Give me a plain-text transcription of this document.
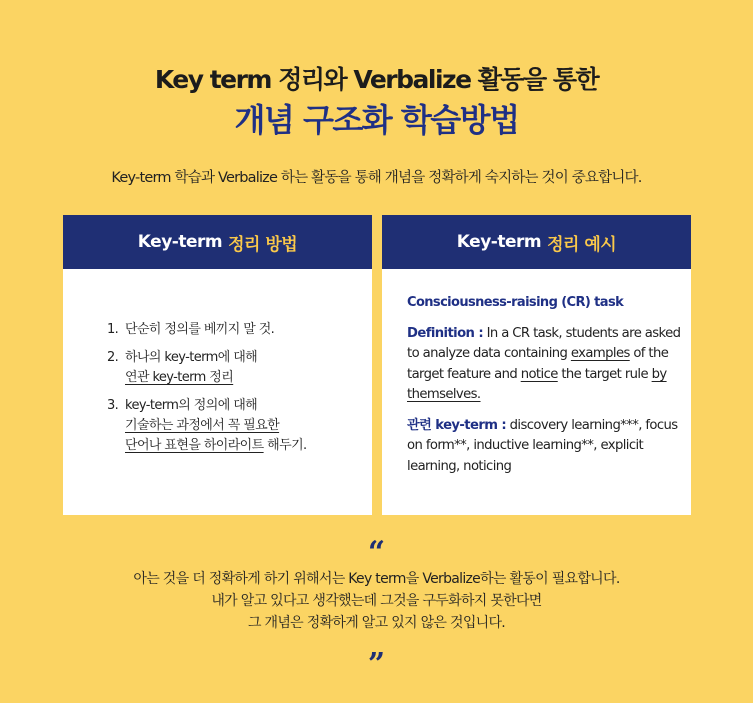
Key term 정리와 Verbalize 활동을 통한
개념 구조화 학습방법
Key-term 학습과 Verbalize 하는 활동을 통해 개념을 정확하게 숙지하는 것이 중요합니다.
Key-term 정리 방법
1. 단순히 정의를 베끼지 말 것.
2. 하나의 key-term에 대해
연관 key-term 정리
3. key-term의 정의에 대해
기술하는 과정에서 꼭 필요한
단어나 표현을 하이라이트 해두기.
Key-term 정리 예시
Consciousness-raising (CR) task
Definition : In a CR task, students are asked to analyze data containing examples of the target feature and notice the target rule by themselves.
관련 key-term : discovery learning***, focus on form**, inductive learning**, explicit learning, noticing
“
아는 것을 더 정확하게 하기 위해서는 Key term을 Verbalize하는 활동이 필요합니다.
내가 알고 있다고 생각했는데 그것을 구두화하지 못한다면
그 개념은 정확하게 알고 있지 않은 것입니다.
”
